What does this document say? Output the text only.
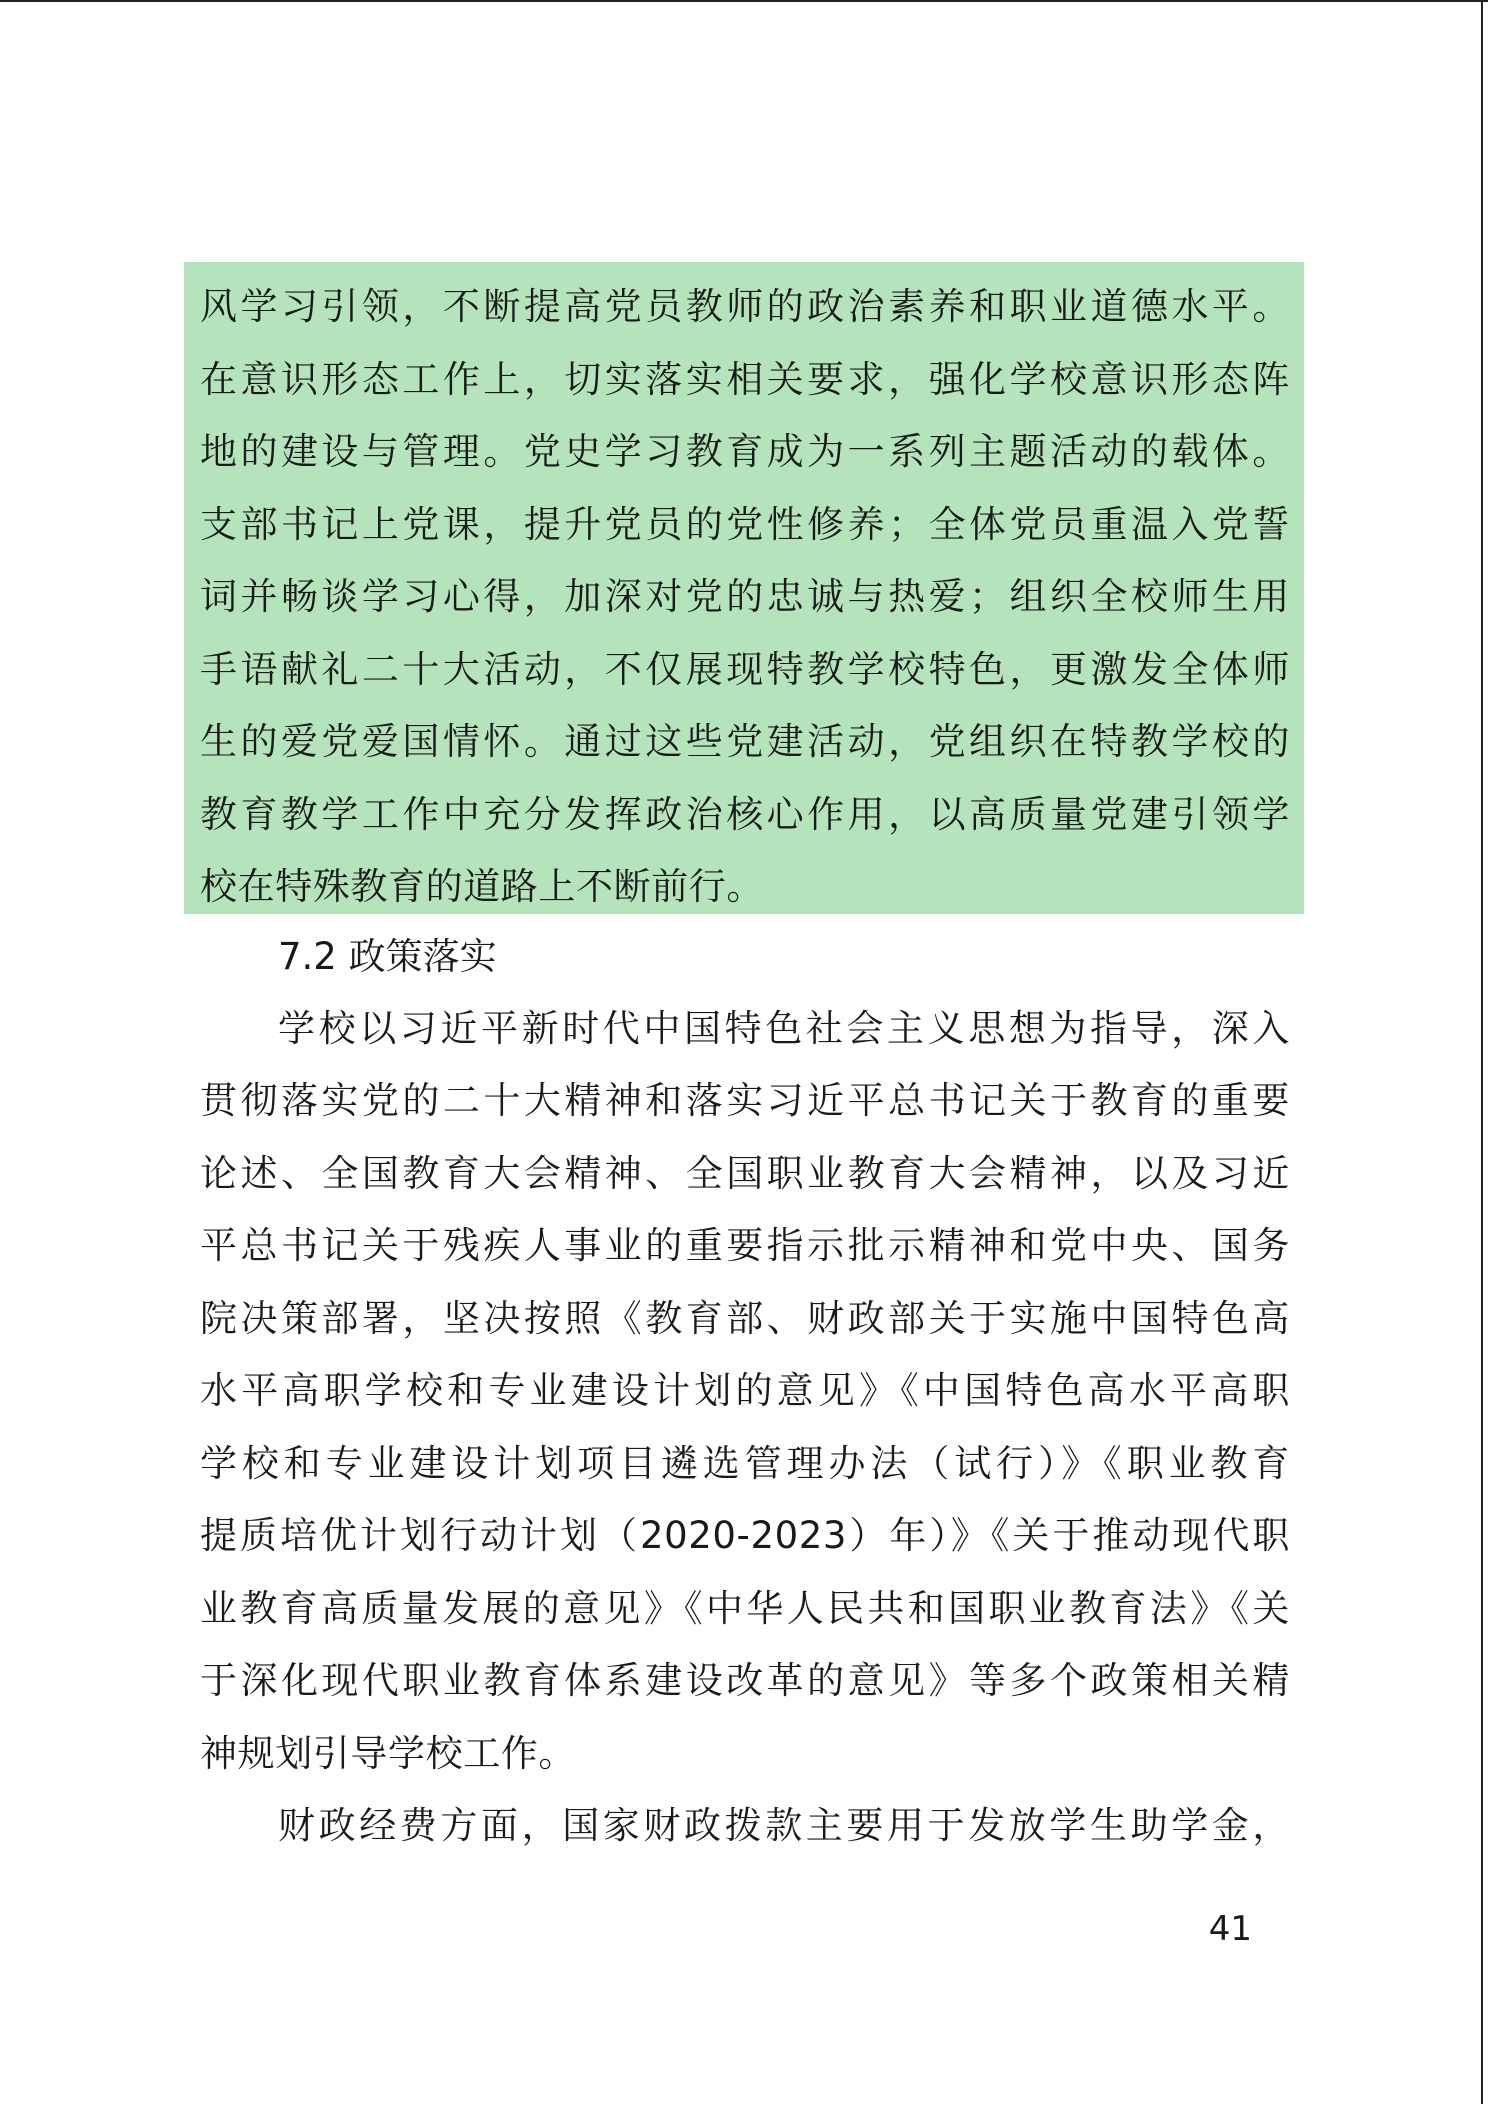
风学习引领，不断提高党员教师的政治素养和职业道德水平。
在意识形态工作上，切实落实相关要求，强化学校意识形态阵
地的建设与管理。党史学习教育成为一系列主题活动的载体。
支部书记上党课，提升党员的党性修养；全体党员重温入党誓
词并畅谈学习心得，加深对党的忠诚与热爱；组织全校师生用
手语献礼二十大活动，不仅展现特教学校特色，更激发全体师
生的爱党爱国情怀。通过这些党建活动，党组织在特教学校的
教育教学工作中充分发挥政治核心作用，以高质量党建引领学
校在特殊教育的道路上不断前行。
7.2 政策落实
学校以习近平新时代中国特色社会主义思想为指导，深入
贯彻落实党的二十大精神和落实习近平总书记关于教育的重要
论述、全国教育大会精神、全国职业教育大会精神，以及习近
平总书记关于残疾人事业的重要指示批示精神和党中央、国务
院决策部署，坚决按照《教育部、财政部关于实施中国特色高
水平高职学校和专业建设计划的意见》《中国特色高水平高职
学校和专业建设计划项目遴选管理办法（试行）》《职业教育
提质培优计划行动计划（2020-2023）年）》《关于推动现代职
业教育高质量发展的意见》《中华人民共和国职业教育法》《关
于深化现代职业教育体系建设改革的意见》等多个政策相关精
神规划引导学校工作。
财政经费方面，国家财政拨款主要用于发放学生助学金，
41
